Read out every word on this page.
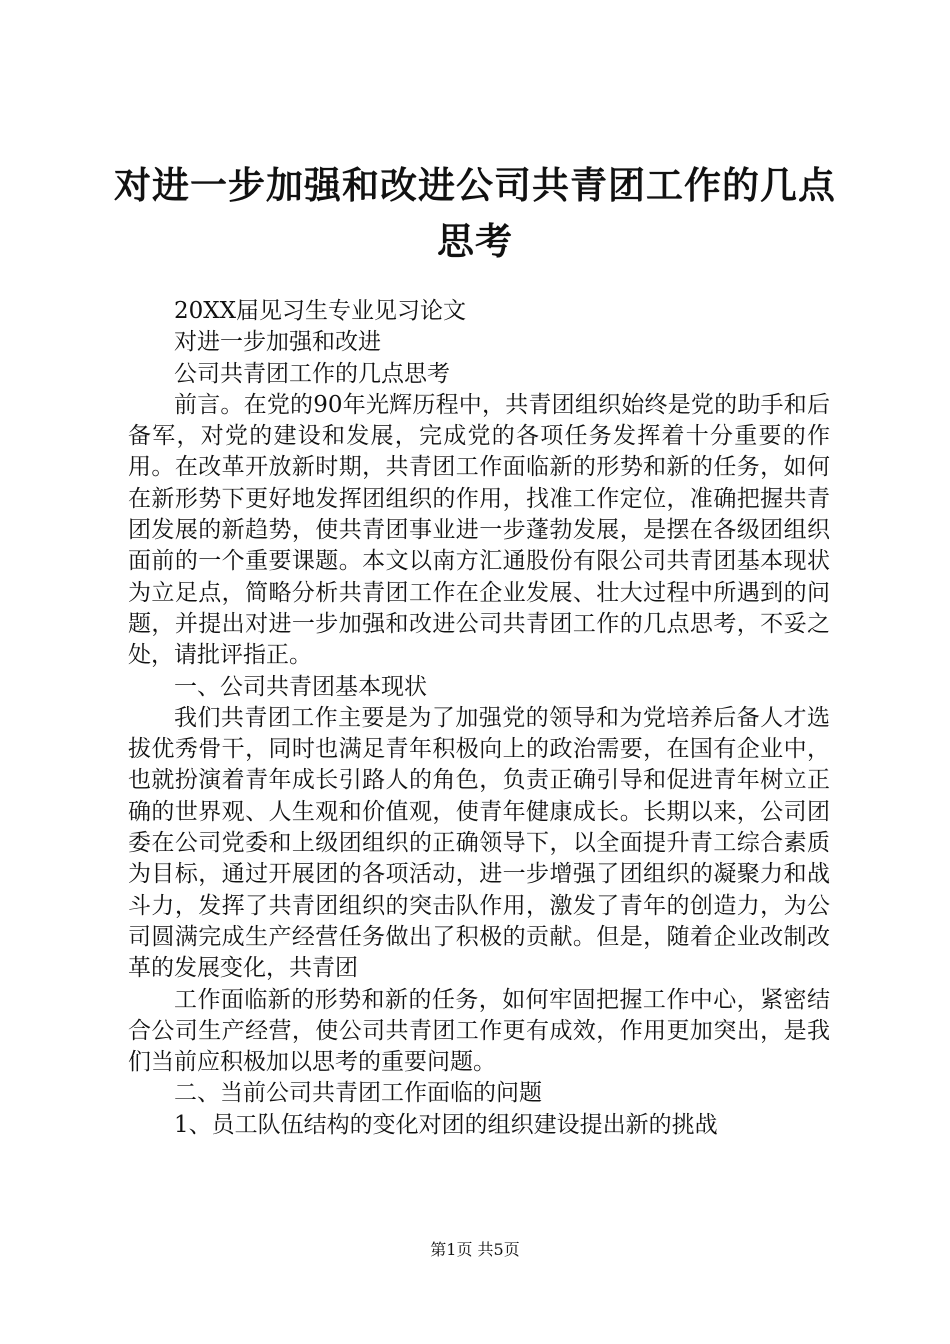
对进一步加强和改进公司共青团工作的几点思考

20XX届见习生专业见习论文

对进一步加强和改进

公司共青团工作的几点思考

前言。在党的90年光辉历程中，共青团组织始终是党的助手和后备军，对党的建设和发展，完成党的各项任务发挥着十分重要的作用。在改革开放新时期，共青团工作面临新的形势和新的任务，如何在新形势下更好地发挥团组织的作用，找准工作定位，准确把握共青团发展的新趋势，使共青团事业进一步蓬勃发展，是摆在各级团组织面前的一个重要课题。本文以南方汇通股份有限公司共青团基本现状为立足点，简略分析共青团工作在企业发展、壮大过程中所遇到的问题，并提出对进一步加强和改进公司共青团工作的几点思考，不妥之处，请批评指正。

一、公司共青团基本现状

我们共青团工作主要是为了加强党的领导和为党培养后备人才选拔优秀骨干，同时也满足青年积极向上的政治需要，在国有企业中，也就扮演着青年成长引路人的角色，负责正确引导和促进青年树立正确的世界观、人生观和价值观，使青年健康成长。长期以来，公司团委在公司党委和上级团组织的正确领导下，以全面提升青工综合素质为目标，通过开展团的各项活动，进一步增强了团组织的凝聚力和战斗力，发挥了共青团组织的突击队作用，激发了青年的创造力，为公司圆满完成生产经营任务做出了积极的贡献。但是，随着企业改制改革的发展变化，共青团

工作面临新的形势和新的任务，如何牢固把握工作中心，紧密结合公司生产经营，使公司共青团工作更有成效，作用更加突出，是我们当前应积极加以思考的重要问题。

二、当前公司共青团工作面临的问题

1、员工队伍结构的变化对团的组织建设提出新的挑战

第1页 共5页
